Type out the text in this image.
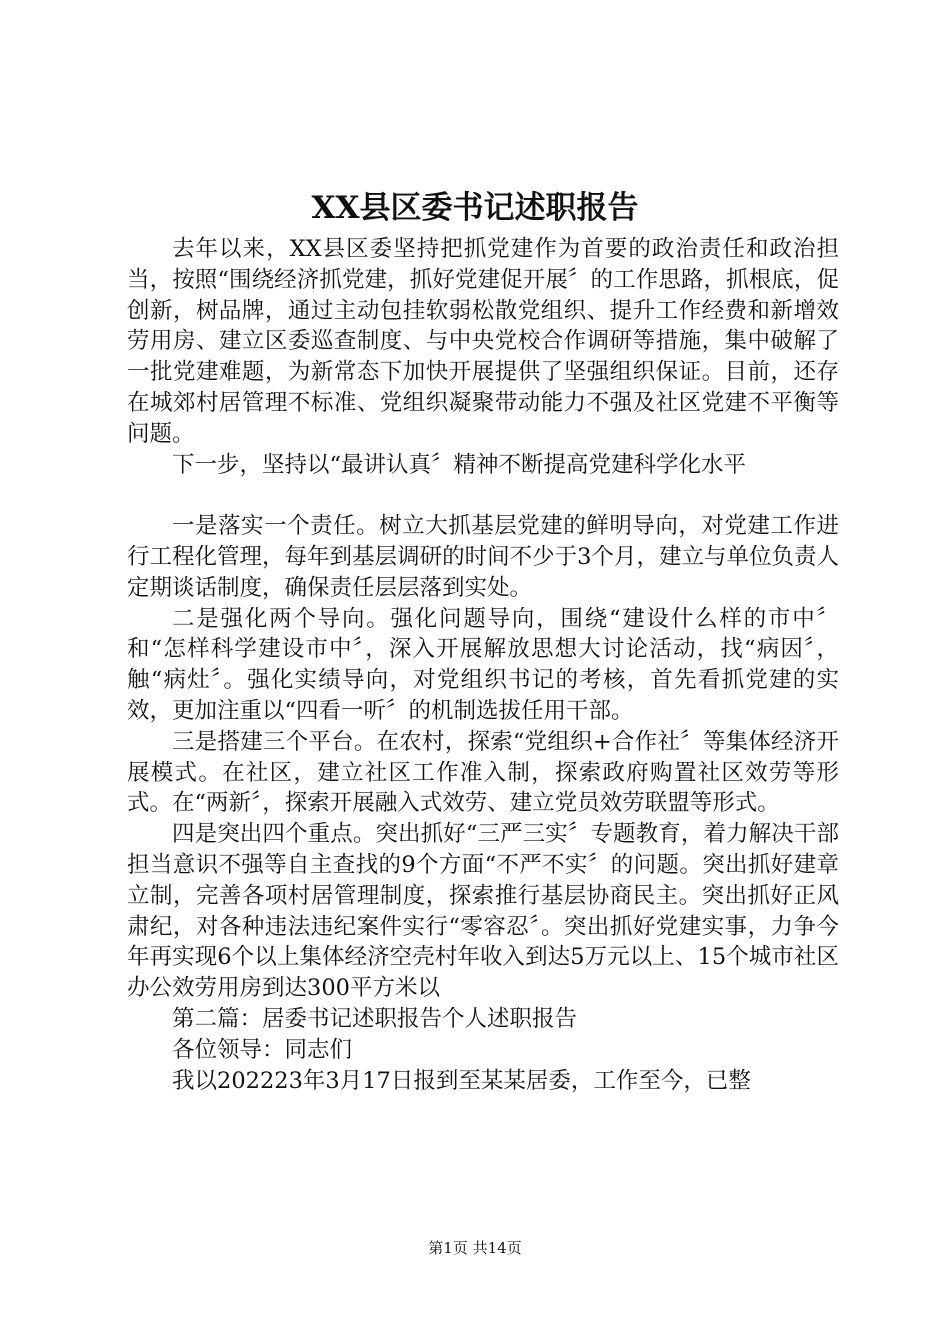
XX县区委书记述职报告

去年以来，XX县区委坚持把抓党建作为首要的政治责任和政治担当，按照“围绕经济抓党建，抓好党建促开展〞的工作思路，抓根底，促创新，树品牌，通过主动包挂软弱松散党组织、提升工作经费和新增效劳用房、建立区委巡查制度、与中央党校合作调研等措施，集中破解了一批党建难题，为新常态下加快开展提供了坚强组织保证。目前，还存在城郊村居管理不标准、党组织凝聚带动能力不强及社区党建不平衡等问题。

下一步，坚持以“最讲认真〞精神不断提高党建科学化水平

一是落实一个责任。树立大抓基层党建的鲜明导向，对党建工作进行工程化管理，每年到基层调研的时间不少于3个月，建立与单位负责人定期谈话制度，确保责任层层落到实处。

二是强化两个导向。强化问题导向，围绕“建设什么样的市中〞和“怎样科学建设市中〞，深入开展解放思想大讨论活动，找“病因〞，触“病灶〞。强化实绩导向，对党组织书记的考核，首先看抓党建的实效，更加注重以“四看一听〞的机制选拔任用干部。

三是搭建三个平台。在农村，探索“党组织+合作社〞等集体经济开展模式。在社区，建立社区工作准入制，探索政府购置社区效劳等形式。在“两新〞，探索开展融入式效劳、建立党员效劳联盟等形式。

四是突出四个重点。突出抓好“三严三实〞专题教育，着力解决干部担当意识不强等自主查找的9个方面“不严不实〞的问题。突出抓好建章立制，完善各项村居管理制度，探索推行基层协商民主。突出抓好正风肃纪，对各种违法违纪案件实行“零容忍〞。突出抓好党建实事，力争今年再实现6个以上集体经济空壳村年收入到达5万元以上、15个城市社区办公效劳用房到达300平方米以

第二篇：居委书记述职报告个人述职报告

各位领导：同志们

我以202223年3月17日报到至某某居委，工作至今，已整

第1页 共14页
